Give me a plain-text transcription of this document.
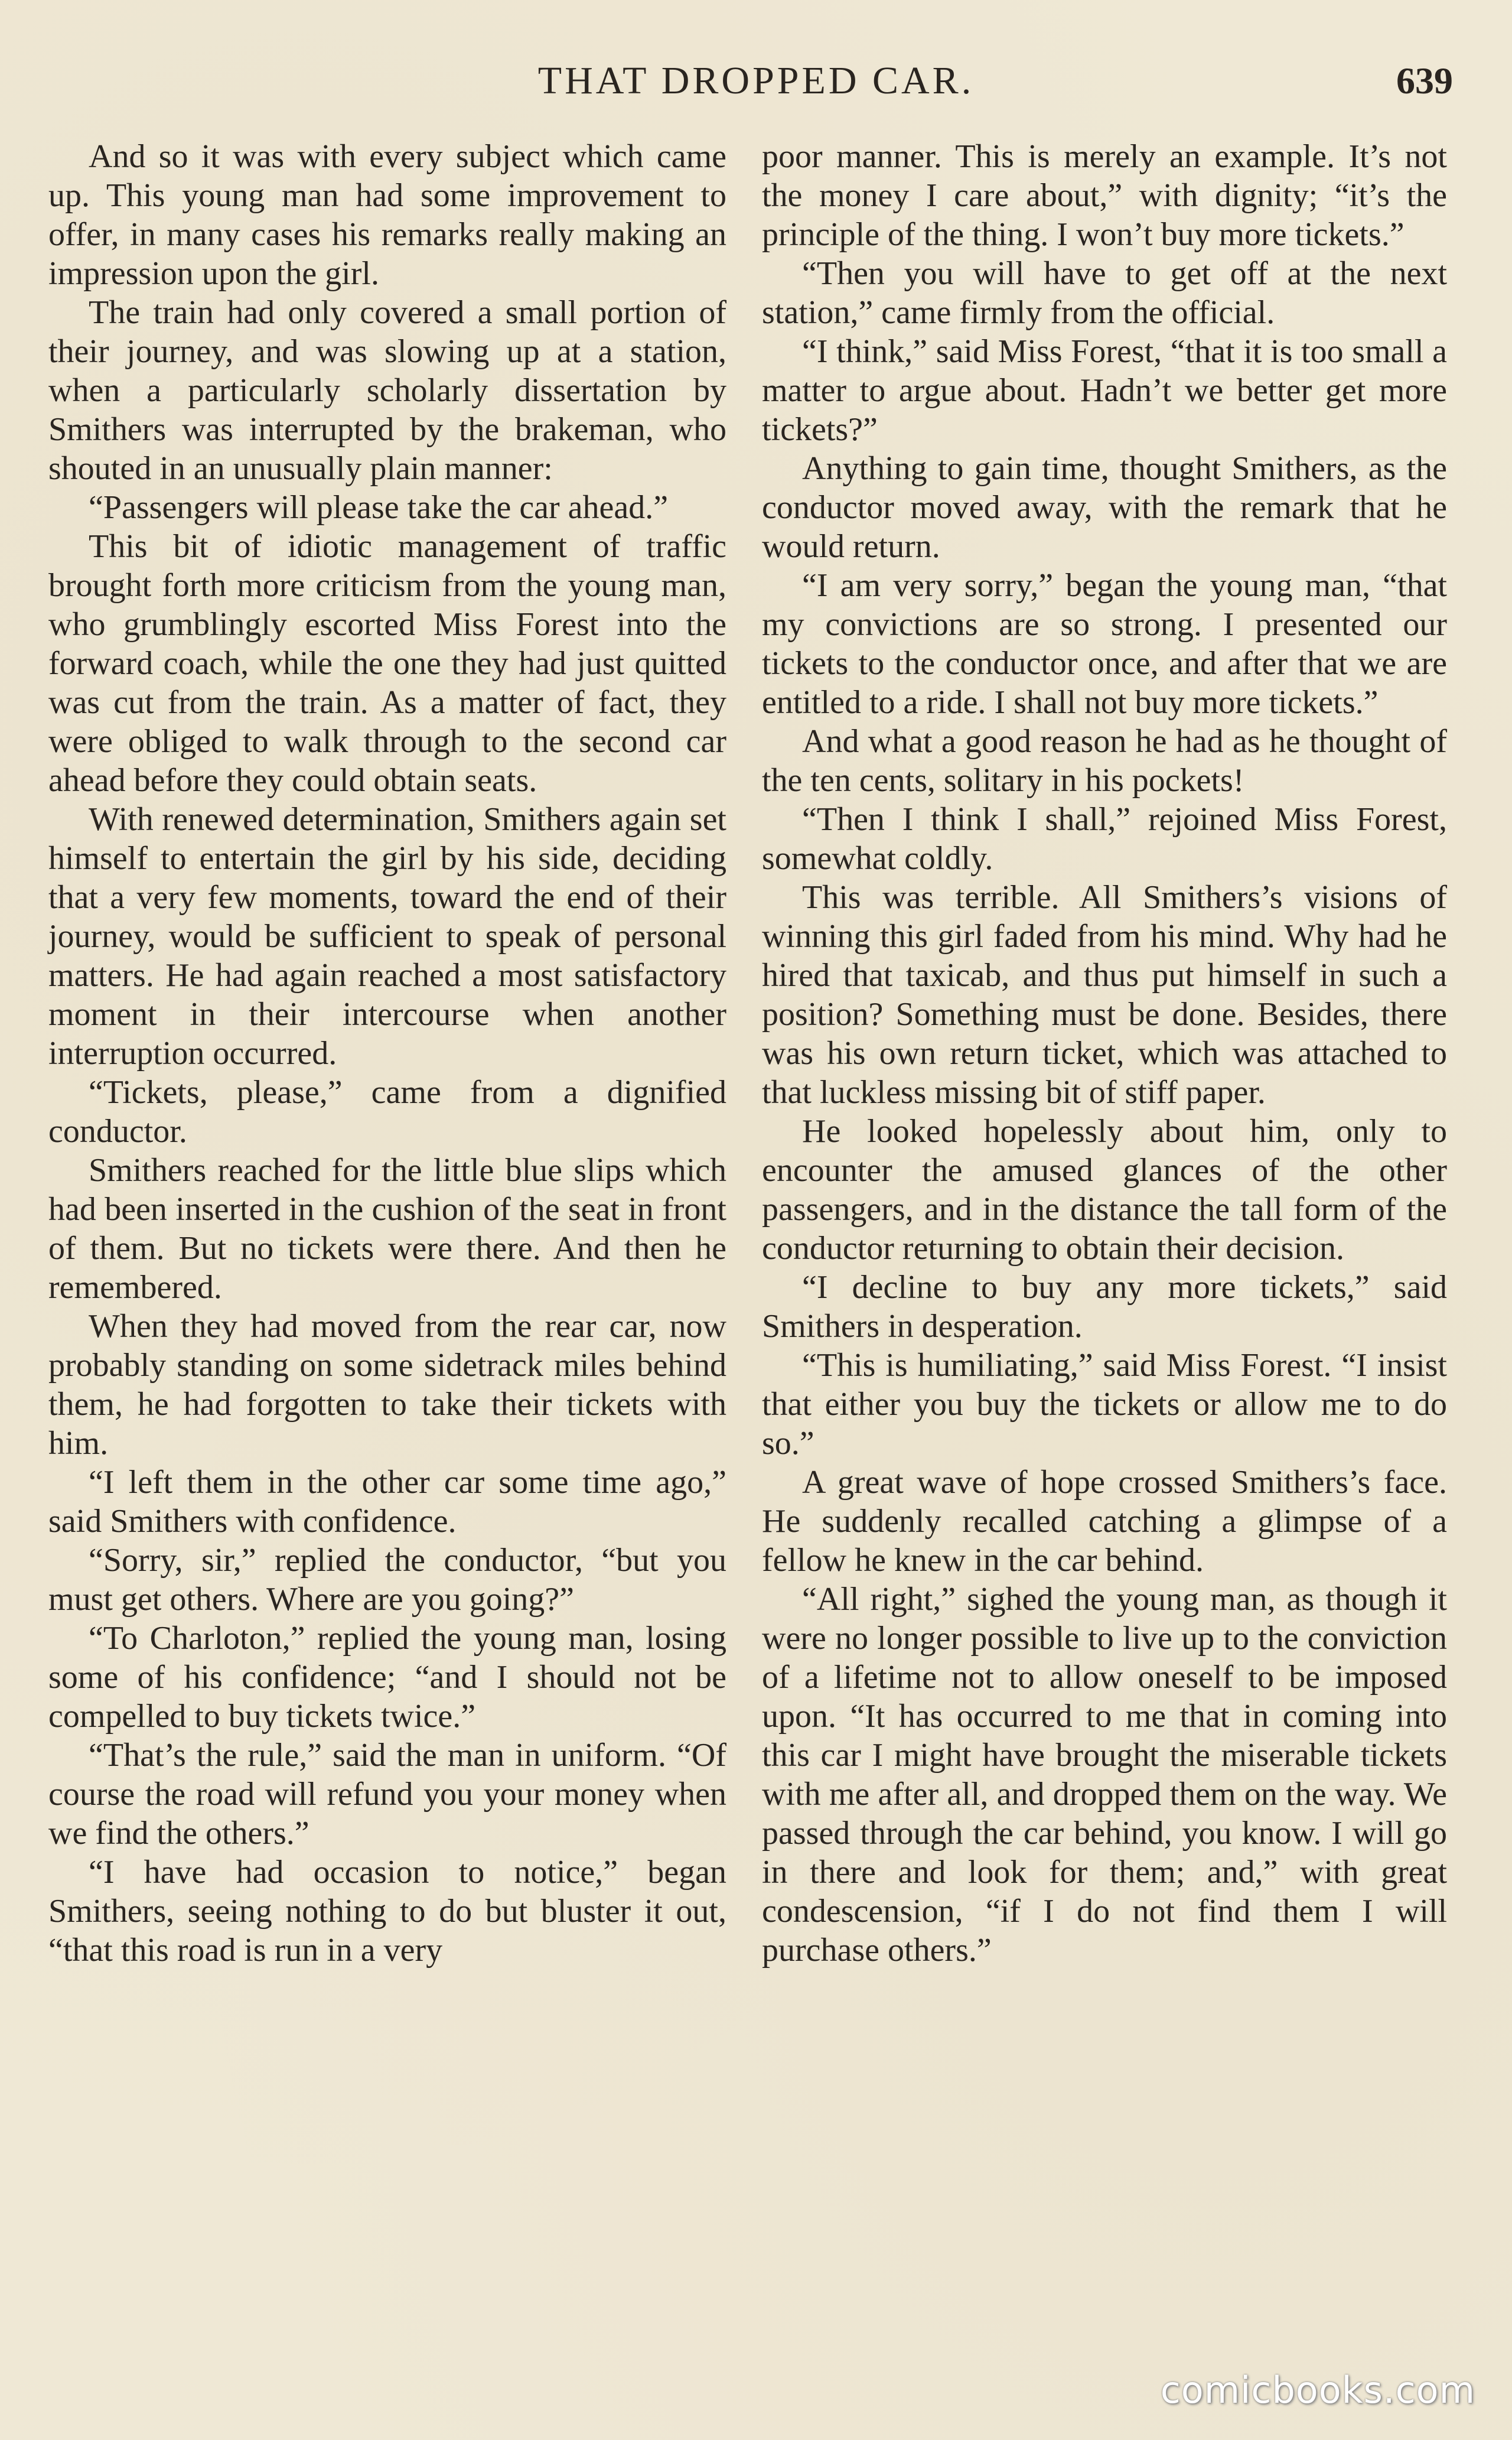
THAT DROPPED CAR.	639

And so it was with every subject which came up. This young man had some improvement to offer, in many cases his remarks really making an impression upon the girl.

The train had only covered a small portion of their journey, and was slowing up at a station, when a particularly scholarly dissertation by Smithers was interrupted by the brakeman, who shouted in an unusually plain manner:

“Passengers will please take the car ahead.”

This bit of idiotic management of traffic brought forth more criticism from the young man, who grumblingly escorted Miss Forest into the forward coach, while the one they had just quitted was cut from the train. As a matter of fact, they were obliged to walk through to the second car ahead before they could obtain seats.

With renewed determination, Smithers again set himself to entertain the girl by his side, deciding that a very few moments, toward the end of their journey, would be sufficient to speak of personal matters. He had again reached a most satisfactory moment in their intercourse when another interruption occurred.

“Tickets, please,” came from a dignified conductor.

Smithers reached for the little blue slips which had been inserted in the cushion of the seat in front of them. But no tickets were there. And then he remembered.

When they had moved from the rear car, now probably standing on some sidetrack miles behind them, he had forgotten to take their tickets with him.

“I left them in the other car some time ago,” said Smithers with confidence.

“Sorry, sir,” replied the conductor, “but you must get others. Where are you going?”

“To Charloton,” replied the young man, losing some of his confidence; “and I should not be compelled to buy tickets twice.”

“That’s the rule,” said the man in uniform. “Of course the road will refund you your money when we find the others.”

“I have had occasion to notice,” began Smithers, seeing nothing to do but bluster it out, “that this road is run in a very

poor manner. This is merely an example. It’s not the money I care about,” with dignity; “it’s the principle of the thing. I won’t buy more tickets.”

“Then you will have to get off at the next station,” came firmly from the official.

“I think,” said Miss Forest, “that it is too small a matter to argue about. Hadn’t we better get more tickets?”

Anything to gain time, thought Smithers, as the conductor moved away, with the remark that he would return.

“I am very sorry,” began the young man, “that my convictions are so strong. I presented our tickets to the conductor once, and after that we are entitled to a ride. I shall not buy more tickets.”

And what a good reason he had as he thought of the ten cents, solitary in his pockets!

“Then I think I shall,” rejoined Miss Forest, somewhat coldly.

This was terrible. All Smithers’s visions of winning this girl faded from his mind. Why had he hired that taxicab, and thus put himself in such a position? Something must be done. Besides, there was his own return ticket, which was attached to that luckless missing bit of stiff paper.

He looked hopelessly about him, only to encounter the amused glances of the other passengers, and in the distance the tall form of the conductor returning to obtain their decision.

“I decline to buy any more tickets,” said Smithers in desperation.

“This is humiliating,” said Miss Forest. “I insist that either you buy the tickets or allow me to do so.”

A great wave of hope crossed Smithers’s face. He suddenly recalled catching a glimpse of a fellow he knew in the car behind.

“All right,” sighed the young man, as though it were no longer possible to live up to the conviction of a lifetime not to allow oneself to be imposed upon. “It has occurred to me that in coming into this car I might have brought the miserable tickets with me after all, and dropped them on the way. We passed through the car behind, you know. I will go in there and look for them; and,” with great condescension, “if I do not find them I will purchase others.”

comicbooks.com
